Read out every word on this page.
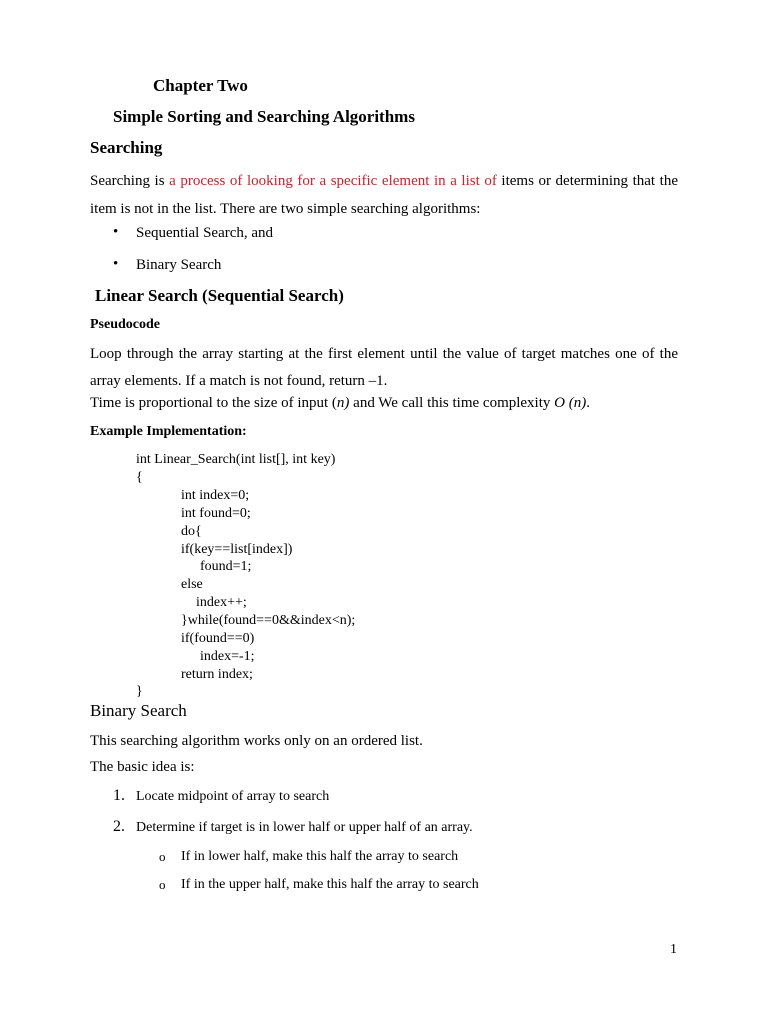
Chapter Two
Simple Sorting and Searching Algorithms
Searching
Searching is a process of looking for a specific element in a list of items or determining that the item is not in the list. There are two simple searching algorithms:
• Sequential Search, and
• Binary Search
Linear Search (Sequential Search)
Pseudocode
Loop through the array starting at the first element until the value of target matches one of the array elements. If a match is not found, return –1.
Time is proportional to the size of input (n) and We call this time complexity O (n).
Example Implementation:
int Linear_Search(int list[], int key)
{
int index=0;
int found=0;
do{
if(key==list[index])
found=1;
else
index++;
}while(found==0&&index<n);
if(found==0)
index=-1;
return index;
}
Binary Search
This searching algorithm works only on an ordered list.
The basic idea is:
1. Locate midpoint of array to search
2. Determine if target is in lower half or upper half of an array.
o If in lower half, make this half the array to search
o If in the upper half, make this half the array to search
1
